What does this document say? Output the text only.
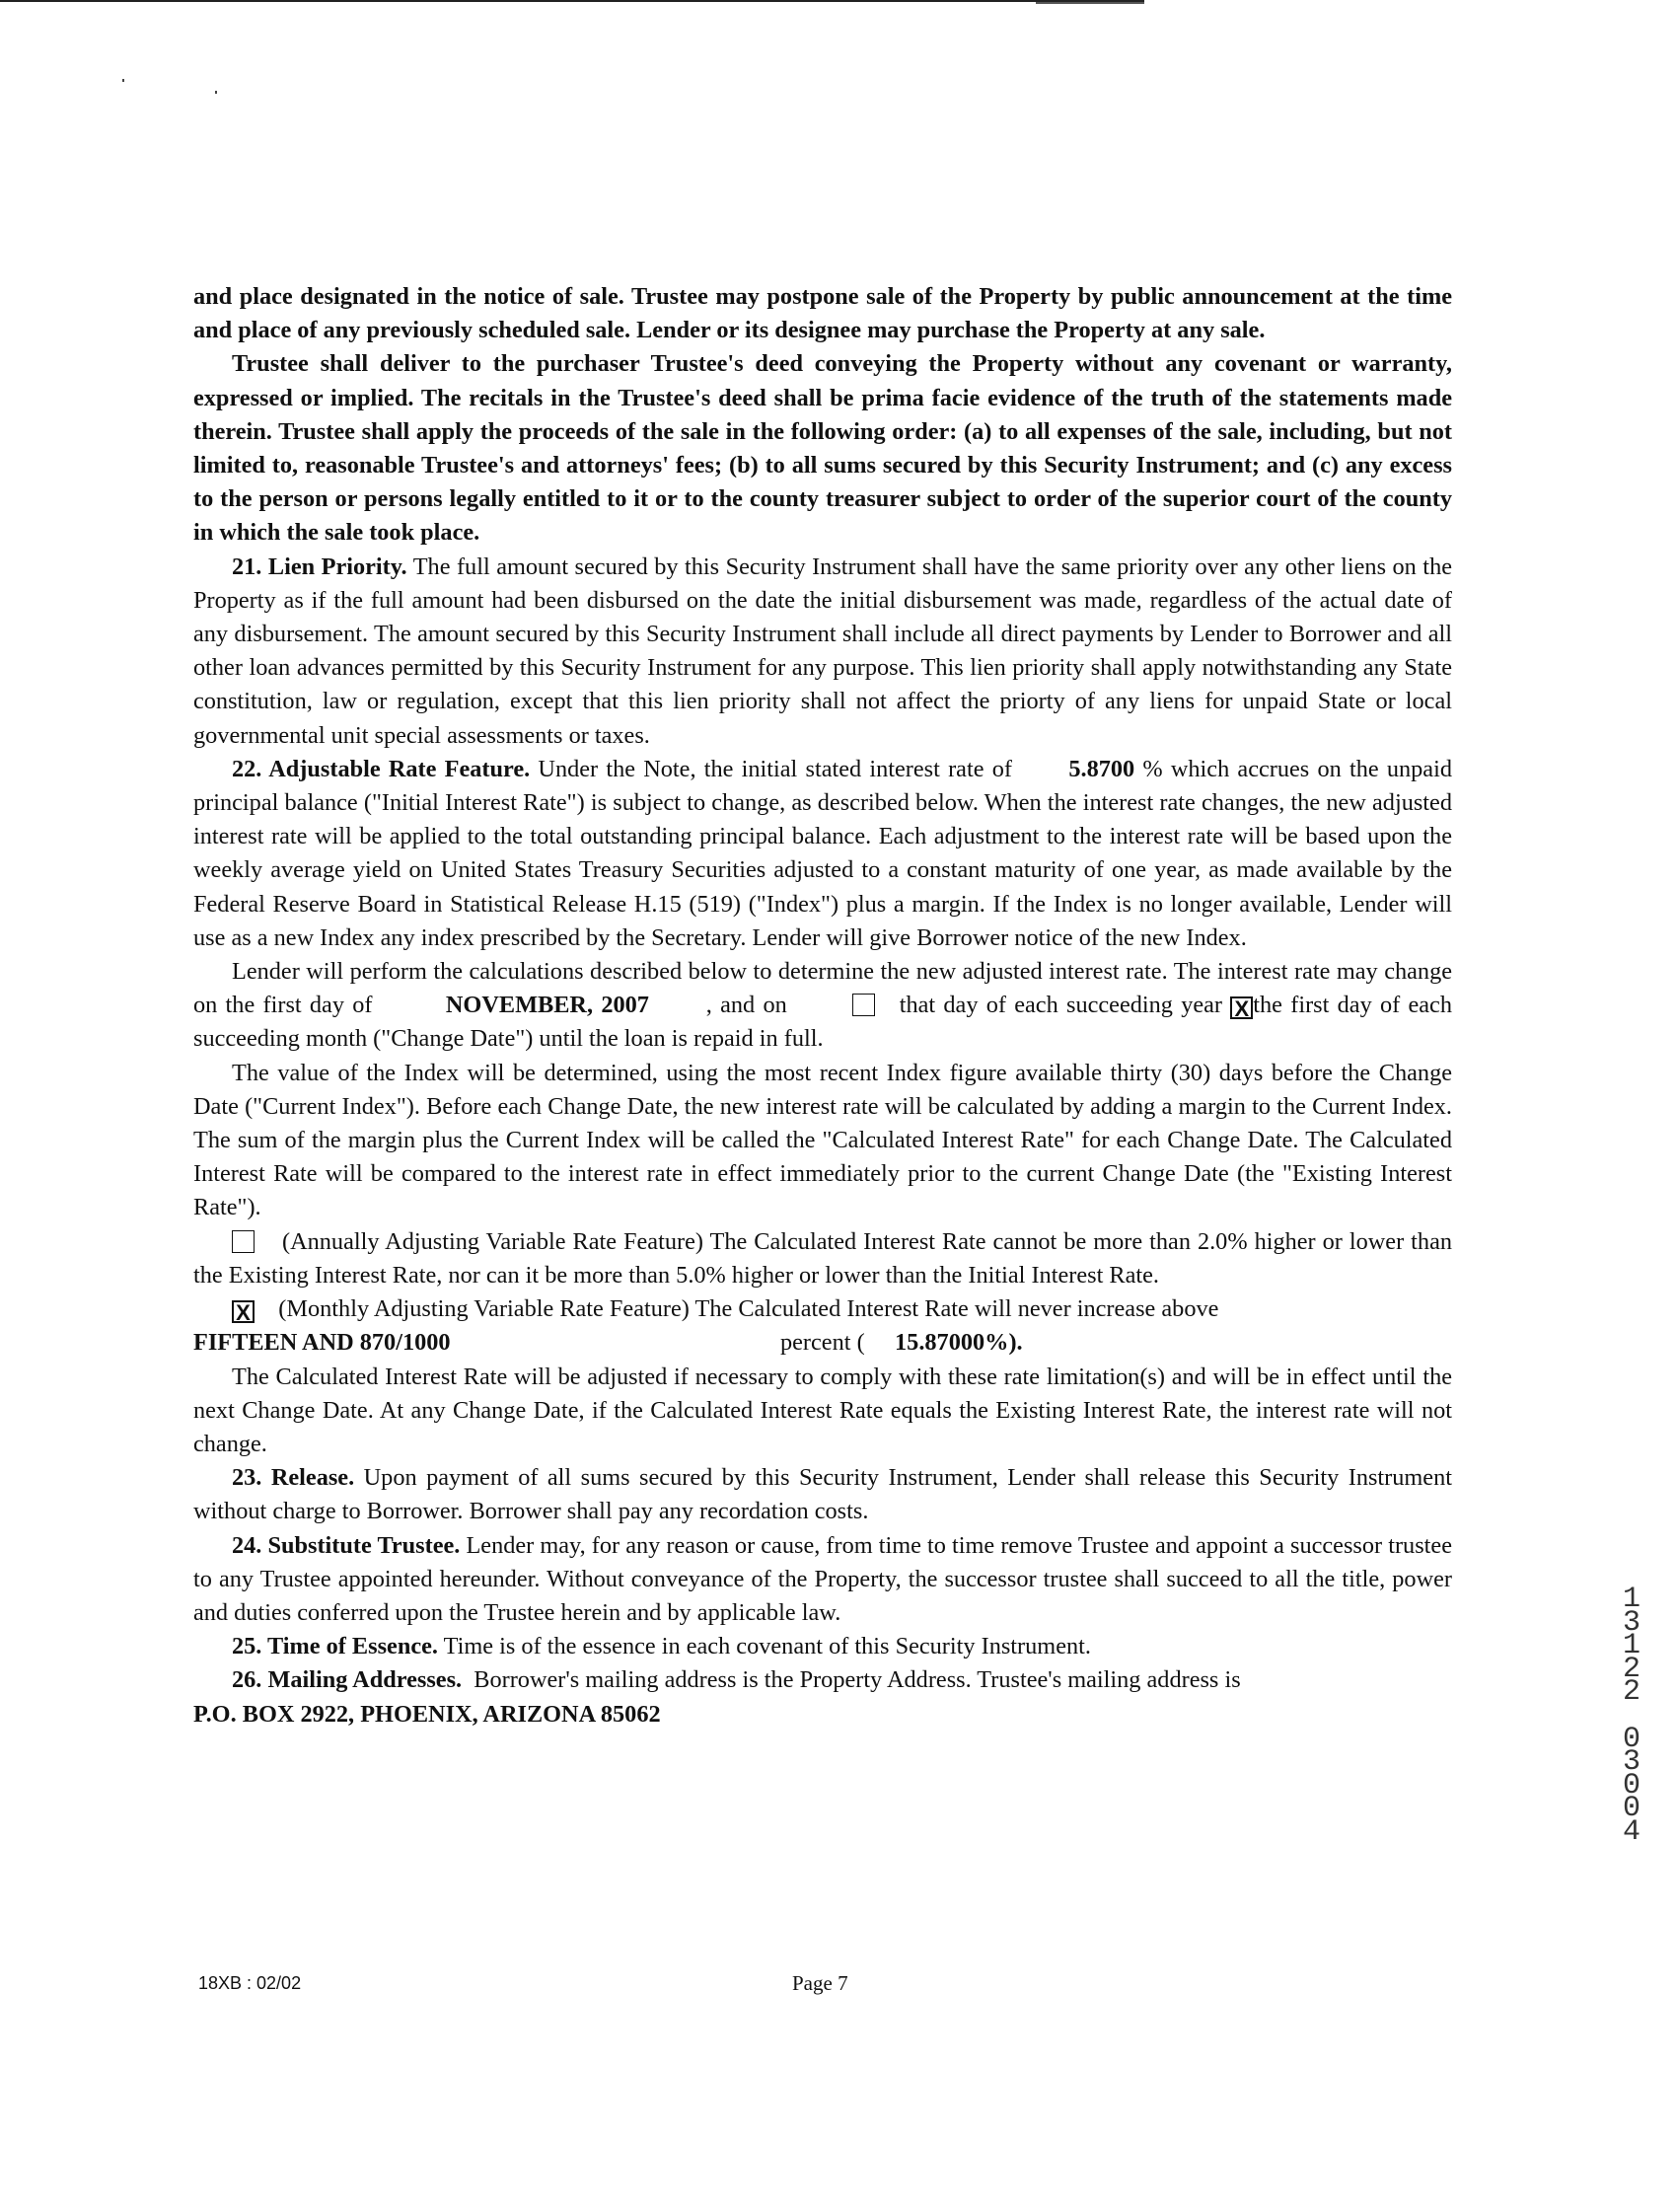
and place designated in the notice of sale. Trustee may postpone sale of the Property by public announcement at the time and place of any previously scheduled sale. Lender or its designee may purchase the Property at any sale.

Trustee shall deliver to the purchaser Trustee's deed conveying the Property without any covenant or warranty, expressed or implied. The recitals in the Trustee's deed shall be prima facie evidence of the truth of the statements made therein. Trustee shall apply the proceeds of the sale in the following order: (a) to all expenses of the sale, including, but not limited to, reasonable Trustee's and attorneys' fees; (b) to all sums secured by this Security Instrument; and (c) any excess to the person or persons legally entitled to it or to the county treasurer subject to order of the superior court of the county in which the sale took place.

21. Lien Priority. The full amount secured by this Security Instrument shall have the same priority over any other liens on the Property as if the full amount had been disbursed on the date the initial disbursement was made, regardless of the actual date of any disbursement. The amount secured by this Security Instrument shall include all direct payments by Lender to Borrower and all other loan advances permitted by this Security Instrument for any purpose. This lien priority shall apply notwithstanding any State constitution, law or regulation, except that this lien priority shall not affect the priorty of any liens for unpaid State or local governmental unit special assessments or taxes.

22. Adjustable Rate Feature. Under the Note, the initial stated interest rate of 5.8700 % which accrues on the unpaid principal balance ("Initial Interest Rate") is subject to change, as described below. When the interest rate changes, the new adjusted interest rate will be applied to the total outstanding principal balance. Each adjustment to the interest rate will be based upon the weekly average yield on United States Treasury Securities adjusted to a constant maturity of one year, as made available by the Federal Reserve Board in Statistical Release H.15 (519) ("Index") plus a margin. If the Index is no longer available, Lender will use as a new Index any index prescribed by the Secretary. Lender will give Borrower notice of the new Index.

Lender will perform the calculations described below to determine the new adjusted interest rate. The interest rate may change on the first day of	NOVEMBER, 2007 , and on	that day of each succeeding year X the first day of each succeeding month ("Change Date") until the loan is repaid in full.

The value of the Index will be determined, using the most recent Index figure available thirty (30) days before the Change Date ("Current Index"). Before each Change Date, the new interest rate will be calculated by adding a margin to the Current Index. The sum of the margin plus the Current Index will be called the "Calculated Interest Rate" for each Change Date. The Calculated Interest Rate will be compared to the interest rate in effect immediately prior to the current Change Date (the "Existing Interest Rate").

(Annually Adjusting Variable Rate Feature) The Calculated Interest Rate cannot be more than 2.0% higher or lower than the Existing Interest Rate, nor can it be more than 5.0% higher or lower than the Initial Interest Rate.

X (Monthly Adjusting Variable Rate Feature) The Calculated Interest Rate will never increase above

FIFTEEN AND 870/1000	percent ( 15.87000%).

The Calculated Interest Rate will be adjusted if necessary to comply with these rate limitation(s) and will be in effect until the next Change Date. At any Change Date, if the Calculated Interest Rate equals the Existing Interest Rate, the interest rate will not change.

23. Release. Upon payment of all sums secured by this Security Instrument, Lender shall release this Security Instrument without charge to Borrower. Borrower shall pay any recordation costs.

24. Substitute Trustee. Lender may, for any reason or cause, from time to time remove Trustee and appoint a successor trustee to any Trustee appointed hereunder. Without conveyance of the Property, the successor trustee shall succeed to all the title, power and duties conferred upon the Trustee herein and by applicable law.

25. Time of Essence. Time is of the essence in each covenant of this Security Instrument.

26. Mailing Addresses. Borrower's mailing address is the Property Address. Trustee's mailing address is

P.O. BOX 2922, PHOENIX, ARIZONA 85062

18XB : 02/02	Page 7
1
3
1
2
2

0
3
0
0
4
